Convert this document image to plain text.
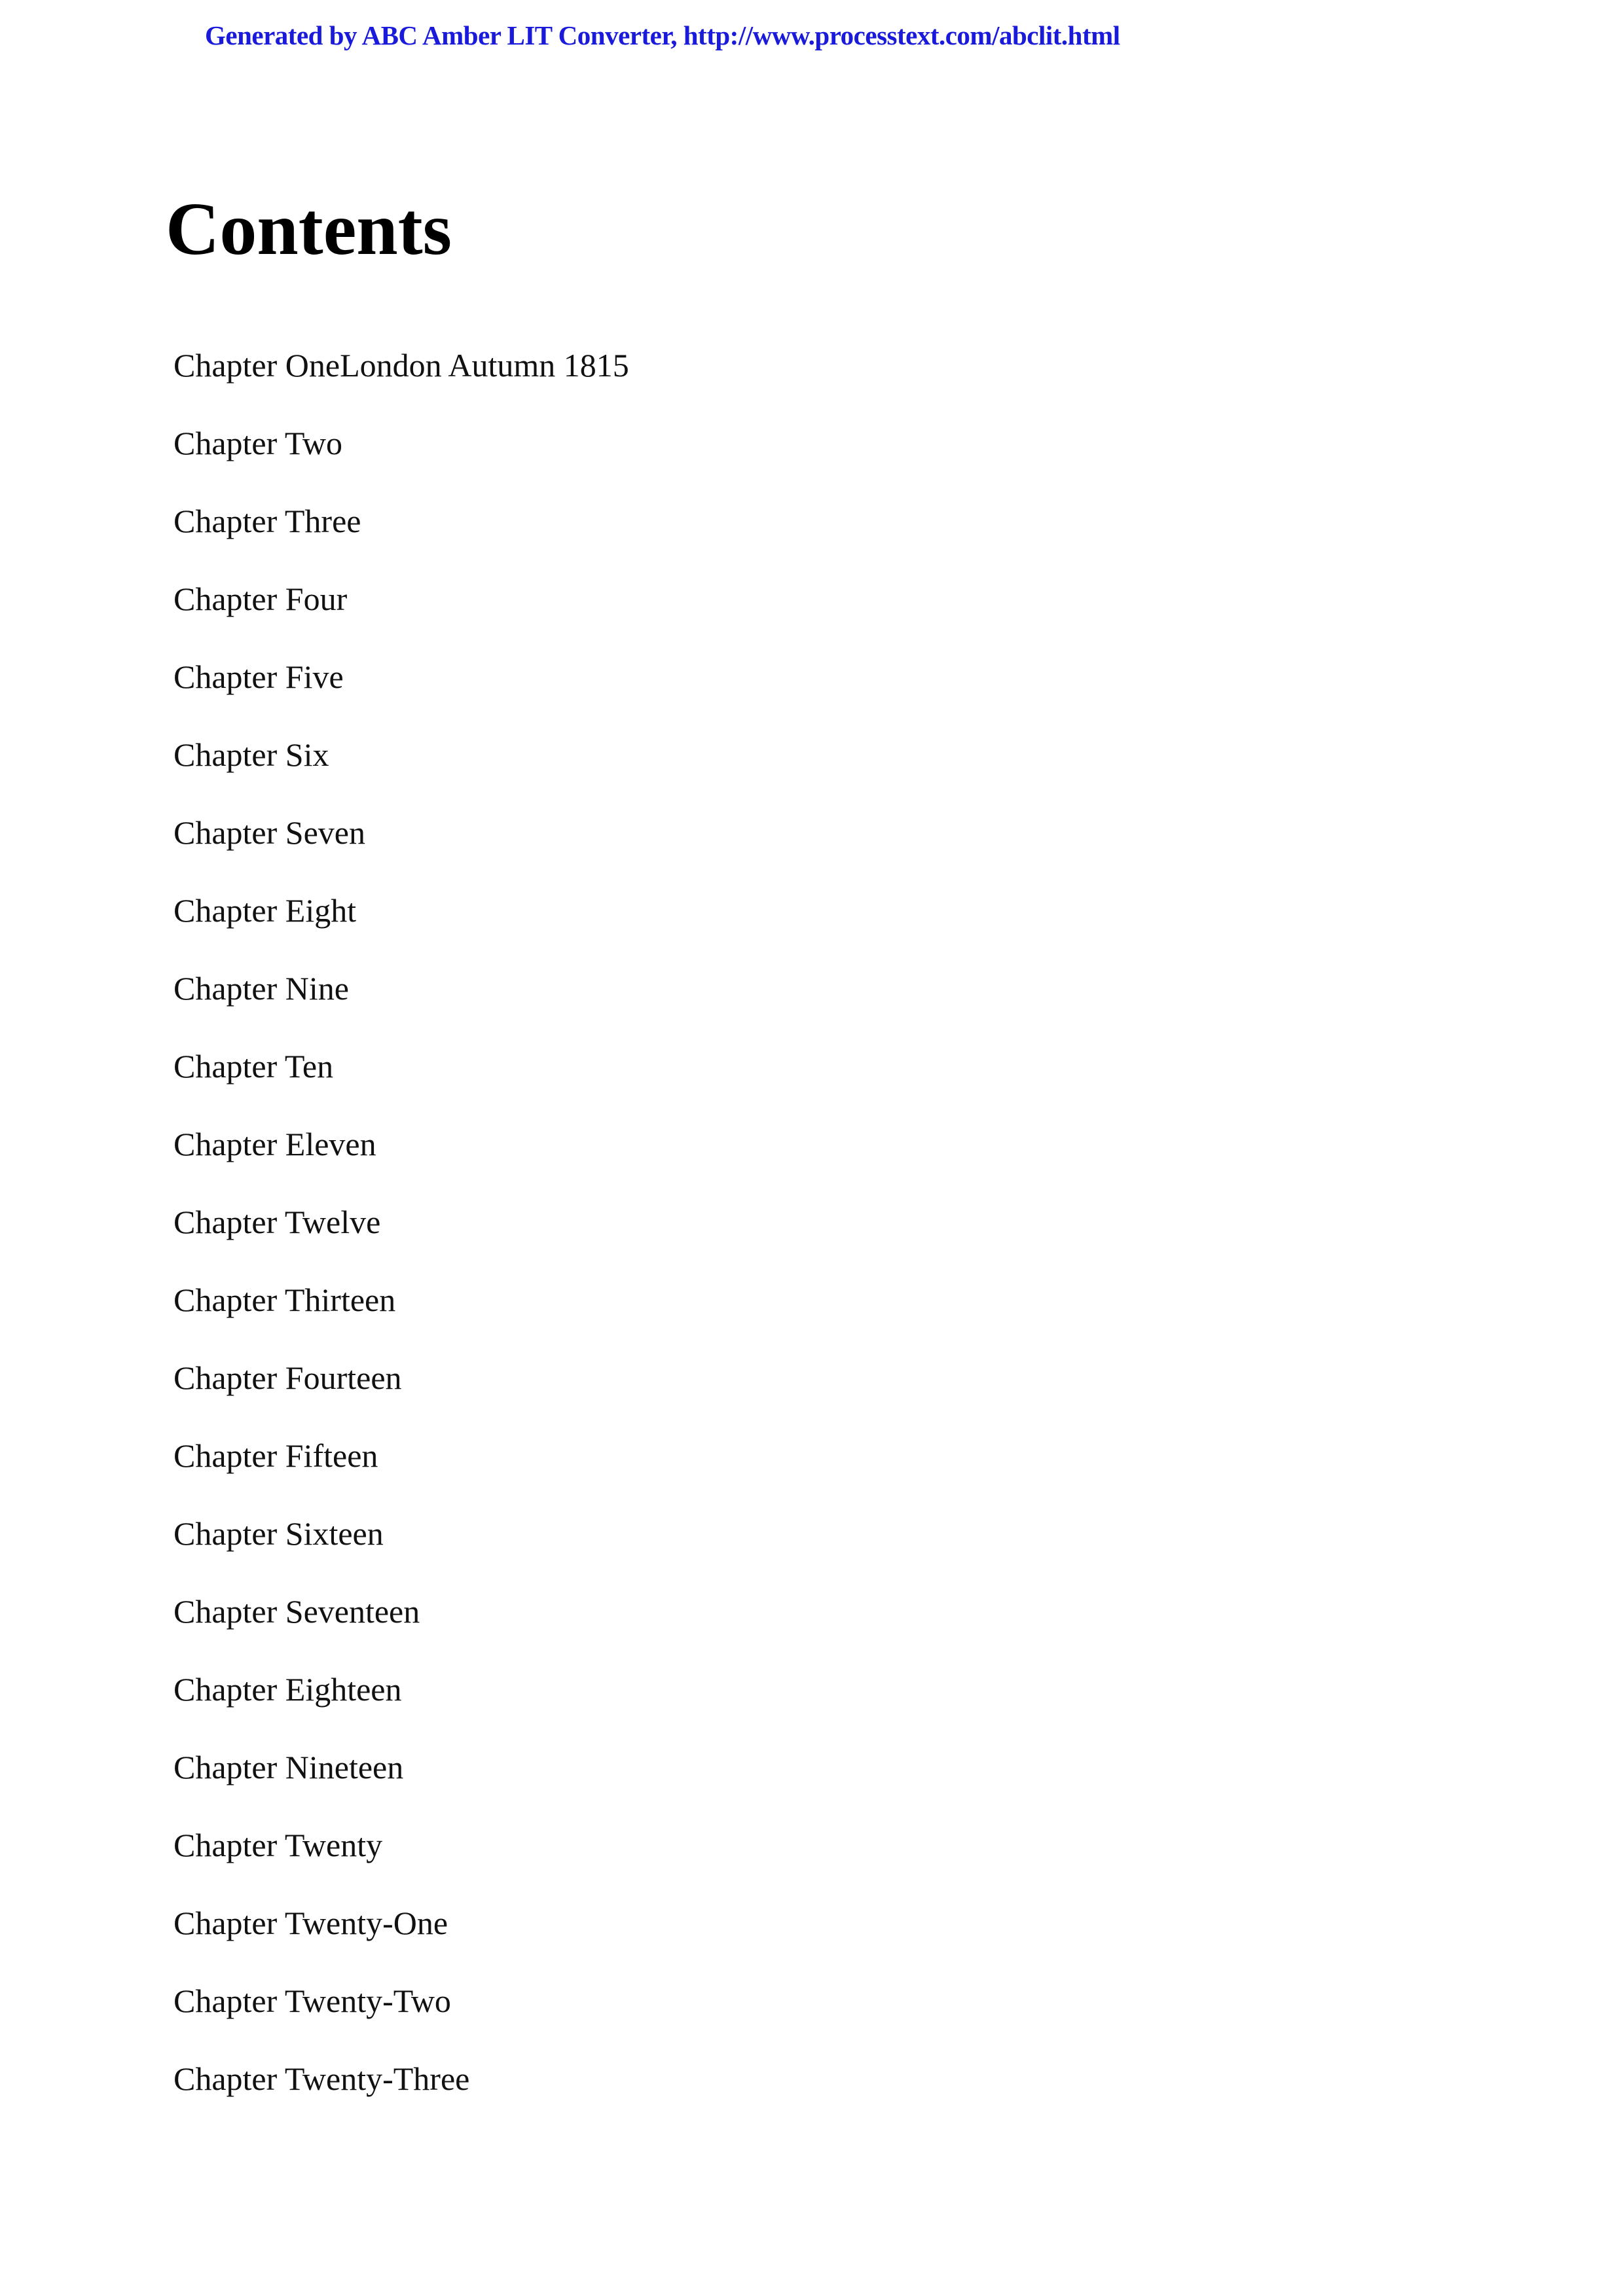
Generated by ABC Amber LIT Converter, http://www.processtext.com/abclit.html
Contents
Chapter OneLondon Autumn 1815
Chapter Two
Chapter Three
Chapter Four
Chapter Five
Chapter Six
Chapter Seven
Chapter Eight
Chapter Nine
Chapter Ten
Chapter Eleven
Chapter Twelve
Chapter Thirteen
Chapter Fourteen
Chapter Fifteen
Chapter Sixteen
Chapter Seventeen
Chapter Eighteen
Chapter Nineteen
Chapter Twenty
Chapter Twenty-One
Chapter Twenty-Two
Chapter Twenty-Three
